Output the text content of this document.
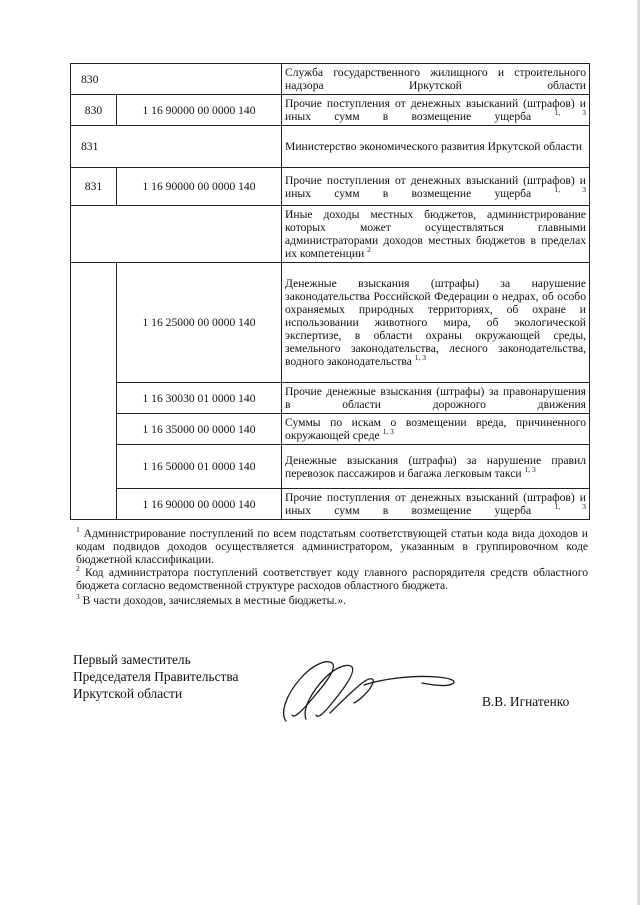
830		Служба государственного жилищного и строительного надзора Иркутской области
830	1 16 90000 00 0000 140	Прочие поступления от денежных взысканий (штрафов) и иных сумм в возмещение ущерба $^{1, 3}$
831		Министерство экономического развития Иркутской области
831	1 16 90000 00 0000 140	Прочие поступления от денежных взысканий (штрафов) и иных сумм в возмещение ущерба $^{1, 3}$
		Иные доходы местных бюджетов, администрирование которых может осуществляться главными администраторами доходов местных бюджетов в пределах их компетенции $^2$
	1 16 25000 00 0000 140	Денежные взыскания (штрафы) за нарушение законодательства Российской Федерации о недрах, об особо охраняемых природных территориях, об охране и использовании животного мира, об экологической экспертизе, в области охраны окружающей среды, земельного законодательства, лесного законодательства, водного законодательства $^{1, 3}$
	1 16 30030 01 0000 140	Прочие денежные взыскания (штрафы) за правонарушения в области дорожного движения
	1 16 35000 00 0000 140	Суммы по искам о возмещении вреда, причиненного окружающей среде $^{1, 3}$
	1 16 50000 01 0000 140	Денежные взыскания (штрафы) за нарушение правил перевозок пассажиров и багажа легковым такси $^{1, 3}$
	1 16 90000 00 0000 140	Прочие поступления от денежных взысканий (штрафов) и иных сумм в возмещение ущерба $^{1, 3}$

$^1$ Администрирование поступлений по всем подстатьям соответствующей статьи кода вида доходов и кодам подвидов доходов осуществляется администратором, указанным в группировочном коде бюджетной классификации.

$^2$ Код администратора поступлений соответствует коду главного распорядителя средств областного бюджета согласно ведомственной структуре расходов областного бюджета.

$^3$ В части доходов, зачисляемых в местные бюджеты.».

Первый заместитель
Председателя Правительства
Иркутской области
В.В. Игнатенко
